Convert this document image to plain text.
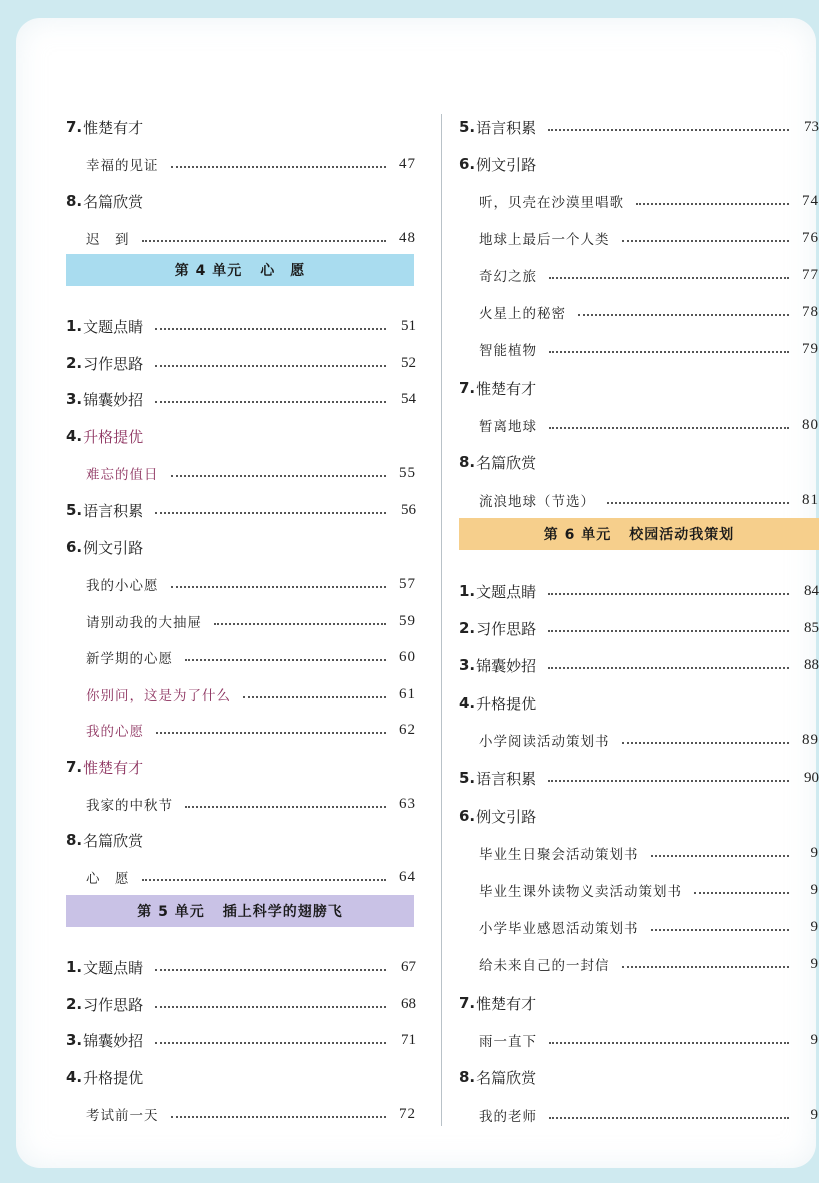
7. 惟楚有才
幸福的见证	47
8. 名篇欣赏
迟　到	48
第 4 单元 心　愿
1. 文题点睛	51
2. 习作思路	52
3. 锦囊妙招	54
4. 升格提优
难忘的值日	55
5. 语言积累	56
6. 例文引路
我的小心愿	57
请别动我的大抽屉	59
新学期的心愿	60
你别问，这是为了什么	61
我的心愿	62
7. 惟楚有才
我家的中秋节	63
8. 名篇欣赏
心　愿	64
第 5 单元 插上科学的翅膀飞
1. 文题点睛	67
2. 习作思路	68
3. 锦囊妙招	71
4. 升格提优
考试前一天	72
5. 语言积累	73
6. 例文引路
听，贝壳在沙漠里唱歌	74
地球上最后一个人类	76
奇幻之旅	77
火星上的秘密	78
智能植物	79
7. 惟楚有才
暂离地球	80
8. 名篇欣赏
流浪地球（节选）	81
第 6 单元 校园活动我策划
1. 文题点睛	84
2. 习作思路	85
3. 锦囊妙招	88
4. 升格提优
小学阅读活动策划书	89
5. 语言积累	90
6. 例文引路
毕业生日聚会活动策划书	9
毕业生课外读物义卖活动策划书	9
小学毕业感恩活动策划书	9
给未来自己的一封信	9
7. 惟楚有才
雨一直下	9
8. 名篇欣赏
我的老师	9
